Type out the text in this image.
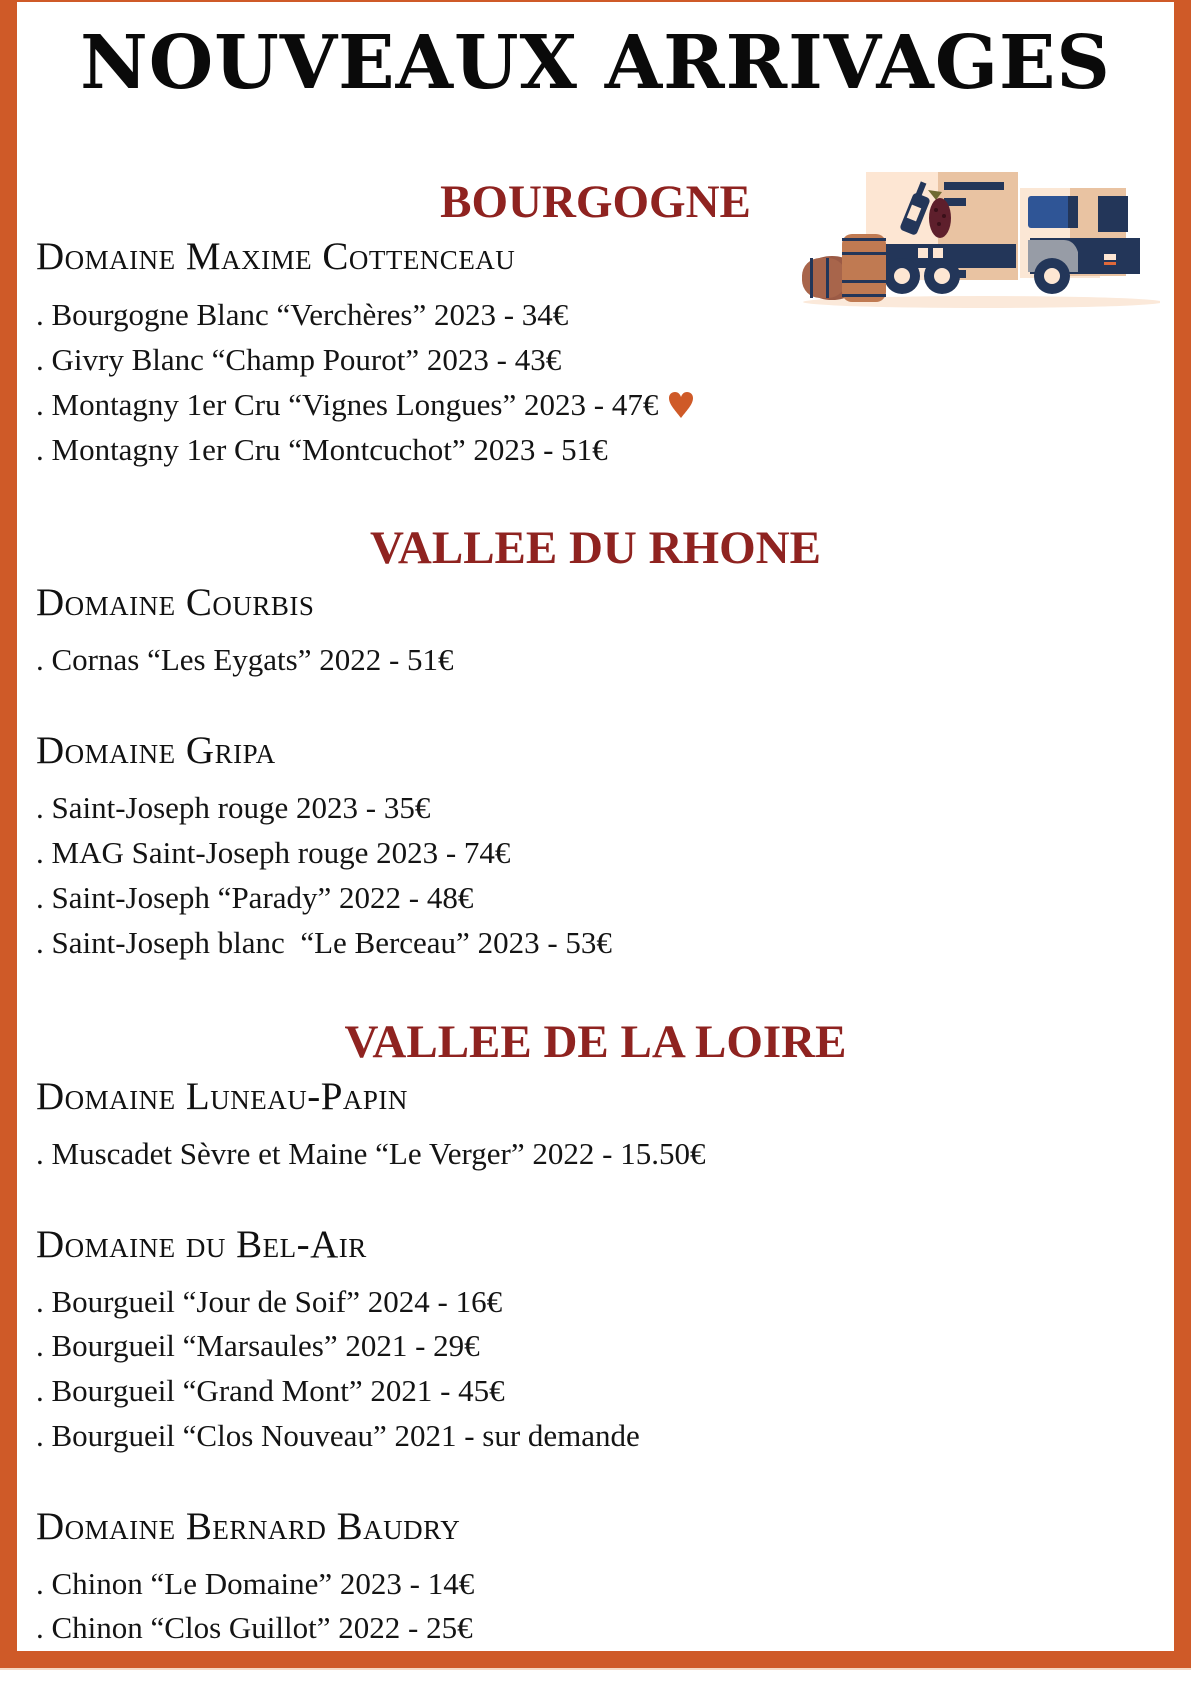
NOUVEAUX ARRIVAGES
BOURGOGNE
Domaine Maxime Cottenceau
. Bourgogne Blanc “Verchères” 2023 - 34€
. Givry Blanc “Champ Pourot” 2023 - 43€
. Montagny 1er Cru “Vignes Longues” 2023 - 47€
. Montagny 1er Cru “Montcuchot” 2023 - 51€
VALLEE DU RHONE
Domaine Courbis
. Cornas “Les Eygats” 2022 - 51€
Domaine Gripa
. Saint-Joseph rouge 2023 - 35€
. MAG Saint-Joseph rouge 2023 - 74€
. Saint-Joseph “Parady” 2022 - 48€
. Saint-Joseph blanc  “Le Berceau” 2023 - 53€
VALLEE DE LA LOIRE
Domaine Luneau-Papin
. Muscadet Sèvre et Maine “Le Verger” 2022 - 15.50€
Domaine du Bel-Air
. Bourgueil “Jour de Soif” 2024 - 16€
. Bourgueil “Marsaules” 2021 - 29€
. Bourgueil “Grand Mont” 2021 - 45€
. Bourgueil “Clos Nouveau” 2021 - sur demande
Domaine Bernard Baudry
. Chinon “Le Domaine” 2023 - 14€
. Chinon “Clos Guillot” 2022 - 25€
